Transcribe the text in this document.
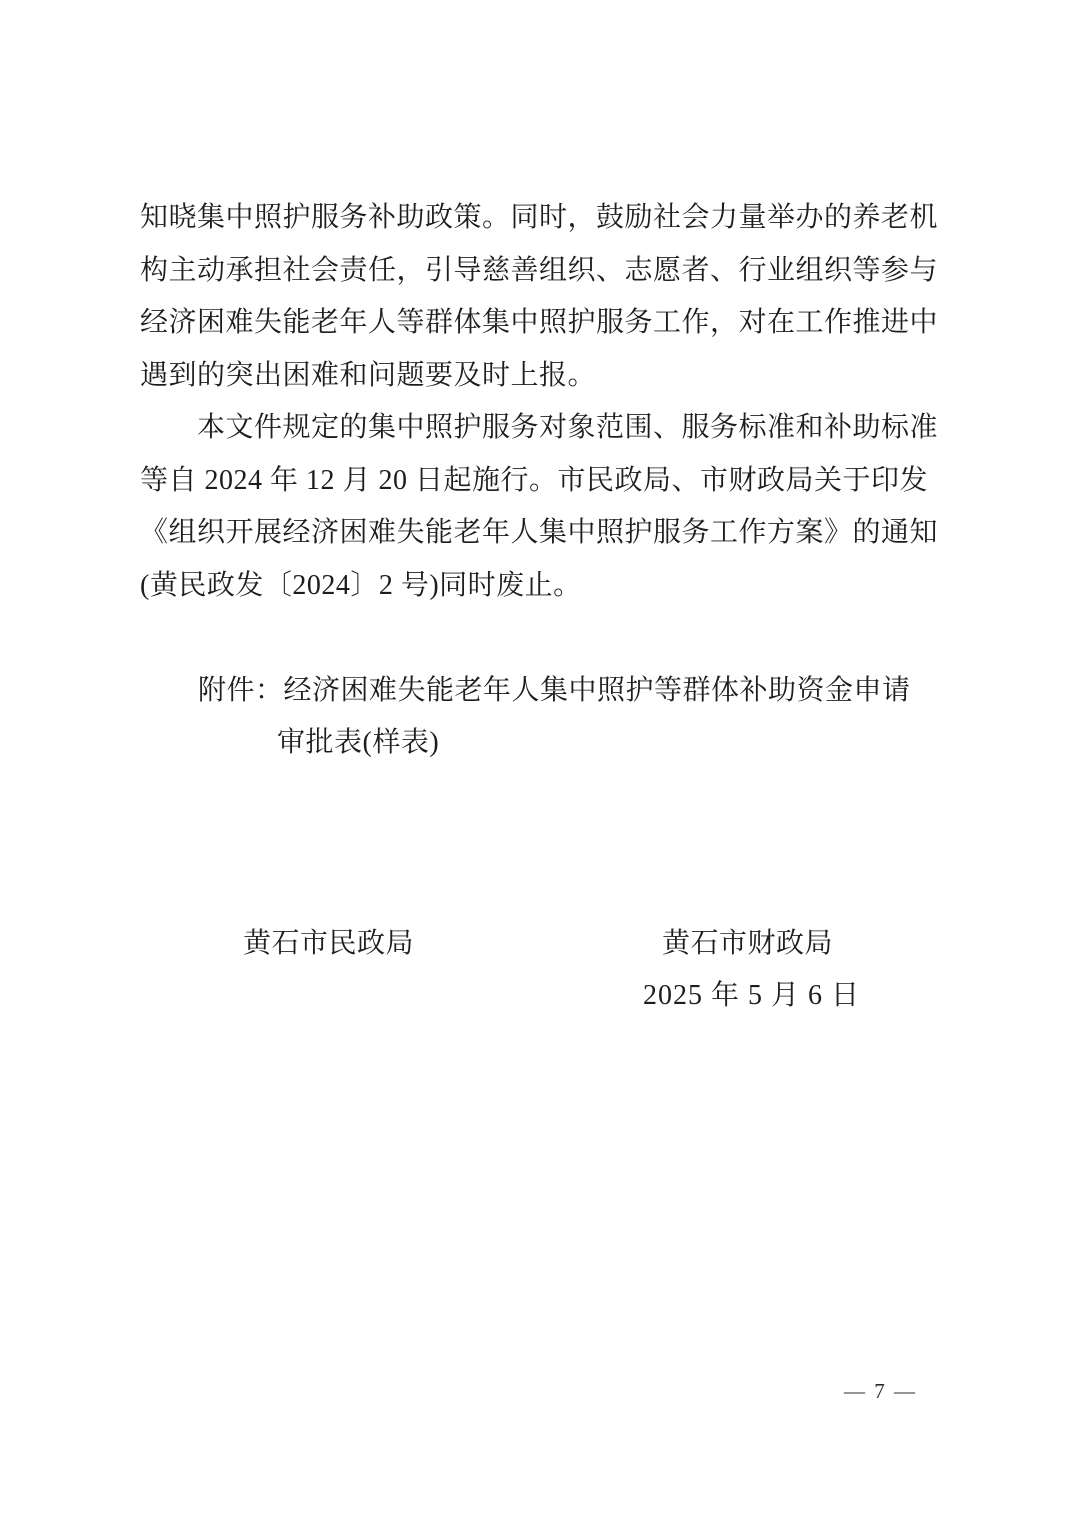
知晓集中照护服务补助政策。同时，鼓励社会力量举办的养老机
构主动承担社会责任，引导慈善组织、志愿者、行业组织等参与
经济困难失能老年人等群体集中照护服务工作，对在工作推进中
遇到的突出困难和问题要及时上报。
本文件规定的集中照护服务对象范围、服务标准和补助标准
等自 2024 年 12 月 20 日起施行。市民政局、市财政局关于印发
《组织开展经济困难失能老年人集中照护服务工作方案》的通知
(黄民政发〔2024〕2 号)同时废止。
附件：经济困难失能老年人集中照护等群体补助资金申请
审批表(样表)
黄石市民政局	黄石市财政局
2025 年 5 月 6 日
— 7 —
